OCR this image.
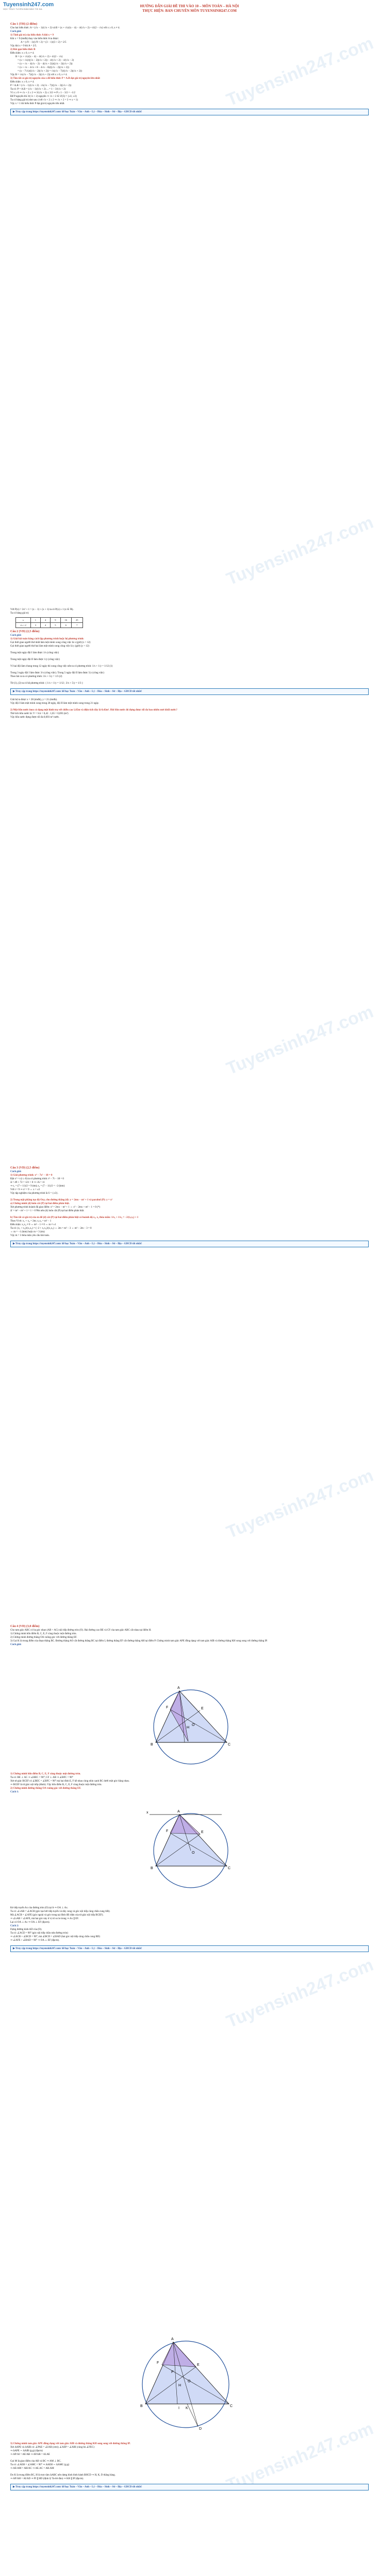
Tuyensinh247.com
HỌC TRỰC TUYẾN ĐẢM BẢO TỐI ĐA
HƯỚNG DẪN GIẢI ĐỀ THI VÀO 10 – MÔN TOÁN – HÀ NỘI
THỰC HIỆN: BAN CHUYÊN MÔN TUYENSINH247.COM
Tuyensinh247.com
Tuyensinh247.com
Tuyensinh247.com
Tuyensinh247.com
Tuyensinh247.com
Tuyensinh247.com
Câu 1 (TH) (2 điểm)
Cho hai biểu thức: A = (√x − 1)/(√x + 2) và B = (x + √x)/(x − 4) − 4/(√x + 2) + 4/(2 − √x) với x ≥ 0, x ≠ 4.
Cách giải:
1) Tính giá trị của biểu thức A khi x = 9
Khi x = 9 (tmđk) thay vào biểu thức A ta được:
A = (√9 − 1)/(√9 + 2) = (3 − 1)/(3 + 2) = 2/5
Vậy khi x = 9 thì A = 2/5.
2) Rút gọn biểu thức B
Điều kiện: x ≥ 0, x ≠ 4.
B = (x + √x)/(x − 4) − 4/(√x + 2) + 4/(2 − √x)
= (x + √x)/((√x − 2)(√x + 2)) − 4/(√x + 2) − 4/(√x − 2)
= (x + √x − 4(√x − 2) − 4(√x + 2))/((√x − 2)(√x + 2))
= (x + √x − 4√x + 8 − 4√x − 8)/((√x − 2)(√x + 2))
= (x − 7√x)/((√x − 2)(√x + 2)) = √x(√x − 7)/((√x − 2)(√x + 2))
Vậy B = √x(√x − 7)/((√x − 2)(√x + 2)) với x ≥ 0, x ≠ 4.
3) Tìm tất cả giá trị nguyên của x để biểu thức P = A.B đạt giá trị nguyên lớn nhất
Điều kiện: x ≥ 0, x ≠ 4.
P = A.B = (√x − 1)/(√x + 2) . √x(√x − 7)/((√x − 2)(√x + 2))
Ta có: P = A.B = (√x − 1)/(√x + 2) ... = 1 − 3/(√x + 2)
Vì x ≥ 0 ⇒ √x + 2 ≥ 2 ⇒ 3/(√x + 2) ≤ 3/2 ⇒ P ≥ 1 − 3/2 = −1/2
Để P nguyên thì 3/(√x + 2) nguyên ⇒ √x + 2 ∈ Ư(3) = {±1; ±3}
Ta có bảng giá trị như sau: (với √x + 2 ≥ 2 ⇒ √x + 2 = 3 ⇒ x = 1)
Vậy x = 1 thì biểu thức P đạt giá trị nguyên lớn nhất.
▶ Truy cập trang https://tuyensinh247.com/ để học Toán – Văn – Anh – Lý – Hóa – Sinh – Sử – Địa – GDCD tốt nhất!
Với P(x) = 2x² + 1 = (x − 1) + (x + 1) ta có P(x) ≥ 1 (x ∈ ℝ).
Ta có bảng giá trị:
x	1	4	9	16	25
√x + 2	3	4	5	6	7
Câu 2 (VD) (2,5 điểm)
Cách giải:
1) Giải bài toán bằng cách lập phương trình hoặc hệ phương trình:
Gọi thời gian người thứ nhất làm một mình xong công việc là x (giờ) (x > 12)
Gọi thời gian người thứ hai làm một mình xong công việc là y (giờ) (y > 12)
Trong một ngày đội I làm được 1/x (công việc)
Trong một ngày đội II làm được 1/y (công việc)
Vì hai đội làm chung trong 12 ngày thì xong công việc nên ta có phương trình: 1/x + 1/y = 1/12 (1)
Trong 3 ngày đội I làm được 3/x (công việc). Trong 5 ngày đội II làm được 5/y (công việc)
Theo bài ra ta có phương trình: 3/x + 5/y = 1/3 (2)
Từ (1), (2) ta có hệ phương trình: { 1/x + 1/y = 1/12 ; 3/x + 5/y = 1/3 }
▶ Truy cập trang https://tuyensinh247.com/ để học Toán – Văn – Anh – Lý – Hóa – Sinh – Sử – Địa – GDCD tốt nhất!
Giải hệ ta được x = 28 (tmđk), y = 21 (tmđk).
Vậy đội I làm một mình xong trong 28 ngày, đội II làm một mình xong trong 21 ngày.
2) Một bồn nước inox có dạng một hình trụ với chiều cao 1,65m và diện tích đáy là 0,42m². Hỏi bồn nước đó đựng được tối đa bao nhiêu mét khối nước?
Thể tích bồn nước là: V = S.h = 0,42 . 1,65 = 0,693 (m³)
Vậy bồn nước đựng được tối đa 0,693 m³ nước.
Câu 3 (VD) (2,5 điểm)
Cách giải:
1) Giải phương trình: x⁴ − 7x² − 18 = 0
Đặt x² = t (t ≥ 0) ta có phương trình: t² − 7t − 18 = 0
Δ = 49 + 72 = 121 > 0 ⇒ √Δ = 11
⇒ t₁ = (7 + 11)/2 = 9 (tm); t₂ = (7 − 11)/2 = −2 (ktm)
Với t = 9 ⇒ x² = 9 ⇔ x = ±3
Vậy tập nghiệm của phương trình là S = {±3}.
2) Trong mặt phẳng tọa độ Oxy, cho đường thẳng (d): y = 2mx − m² + 1 và parabol (P): y = x²
a) Chứng minh (d) luôn cắt (P) tại hai điểm phân biệt.
Xét phương trình hoành độ giao điểm: x² = 2mx − m² + 1 ⇔ x² − 2mx + m² − 1 = 0 (*)
Δ' = m² − m² + 1 = 1 > 0 ∀m nên (d) luôn cắt (P) tại hai điểm phân biệt.
b) Tìm tất cả giá trị của m để (d) cắt (P) tại hai điểm phân biệt có hoành độ x₁, x₂ thỏa mãn: 1/x₁ + 1/x₂ = −2/(x₁x₂) + 1
Theo Vi-ét: x₁ + x₂ = 2m; x₁x₂ = m² − 1
Điều kiện: x₁x₂ ≠ 0 ⇔ m² − 1 ≠ 0 ⇔ m ≠ ±1
Ta có: (x₁ + x₂)/(x₁x₂) = (−2 + x₁x₂)/(x₁x₂) ⇔ 2m = m² − 3 ⇔ m² − 2m − 3 = 0
⇔ m = −1 (ktm) hoặc m = 3 (tm)
Vậy m = 3 thỏa mãn yêu cầu bài toán.
▶ Truy cập trang https://tuyensinh247.com/ để học Toán – Văn – Anh – Lý – Hóa – Sinh – Sử – Địa – GDCD tốt nhất!
Câu 4 (VD) (3,0 điểm)
Cho tam giác ABC có ba góc nhọn (AB < AC) nội tiếp đường tròn (O). Hai đường cao BE và CF của tam giác ABC cắt nhau tại điểm H.
1) Chứng minh bốn điểm B, C, E, F cùng thuộc một đường tròn.
2) Chứng minh đường thẳng OA vuông góc với đường thẳng EF.
3) Gọi K là trung điểm của đoạn thẳng BC. Đường thẳng AO cắt đường thẳng BC tại điểm I, đường thẳng EF cắt đường thẳng AH tại điểm P. Chứng minh tam giác APE đồng dạng với tam giác AIB và đường thẳng KH song song với đường thẳng IP.
Cách giải:
A
B	C
E
F
H
O
1) Chứng minh bốn điểm B, C, E, F cùng thuộc một đường tròn.
Ta có: BE ⊥ AC ⇒ ∠BEC = 90°; CF ⊥ AB ⇒ ∠BFC = 90°
Xét tứ giác BCEF có ∠BEC = ∠BFC = 90° mà hai đỉnh E, F kề nhau cùng nhìn cạnh BC dưới một góc bằng nhau.
⇒ BCEF là tứ giác nội tiếp (dhnb). Vậy bốn điểm B, C, E, F cùng thuộc một đường tròn.
2) Chứng minh đường thẳng OA vuông góc với đường thẳng EF.
Cách 1:
A
x
B	C
E
F
O
Kẻ tiếp tuyến Ax của đường tròn (O) tại A ⇒ OA ⊥ Ax.
Ta có: ∠xAB = ∠ACB (góc tạo bởi tiếp tuyến và dây cung và góc nội tiếp cùng chắn cung AB).
Mà ∠ACB = ∠AFE (góc ngoài và góc trong tại đỉnh đối diện của tứ giác nội tiếp BCEF).
⇒ ∠xAB = ∠AFE, mà hai góc này ở vị trí so le trong ⇒ Ax ∥ EF.
Lại có OA ⊥ Ax ⇒ OA ⊥ EF (đpcm).
Cách 2:
Dựng đường kính AD của (O).
Ta có: ∠ACD = 90° (góc nội tiếp chắn nửa đường tròn)
⇒ ∠ACB + ∠BCD = 90°, mà ∠BCD = ∠BAD (hai góc nội tiếp cùng chắn cung BD)
⇒ ∠AFE + ∠BAD = 90° ⇒ OA ⊥ EF (đpcm).
▶ Truy cập trang https://tuyensinh247.com/ để học Toán – Văn – Anh – Lý – Hóa – Sinh – Sử – Địa – GDCD tốt nhất!
A
B	C
E
F
H
O
K
I
D
P
3) Chứng minh tam giác APE đồng dạng với tam giác AIB và đường thẳng KH song song với đường thẳng IP.
Xét ΔAPE và ΔAIB có: ∠PAE = ∠IAB (cmt); ∠AEP = ∠ABI (cùng bù ∠FEC)
⇒ ΔAPE ∽ ΔAIB (g.g) (đpcm)
⇒ AP/AI = AE/AB ⇒ AP.AB = AI.AE
Gọi M là giao điểm của AH và BC ⇒ AM ⊥ BC.
Ta có: ∠AEH = ∠AMC = 90° ⇒ ΔAEH ∽ ΔAMC (g.g)
⇒ AE/AM = AH/AC ⇒ AE.AC = AH.AM
Do K là trung điểm BC, H là trực tâm ΔABC nên dựng hình bình hành BHCD ⇒ H, K, D thẳng hàng.
⇒ AP/AH = AI/AD ⇒ PI ∥ HD (định lý Ta-lét đảo) ⇒ KH ∥ IP (đpcm).
▶ Truy cập trang https://tuyensinh247.com/ để học Toán – Văn – Anh – Lý – Hóa – Sinh – Sử – Địa – GDCD tốt nhất!
